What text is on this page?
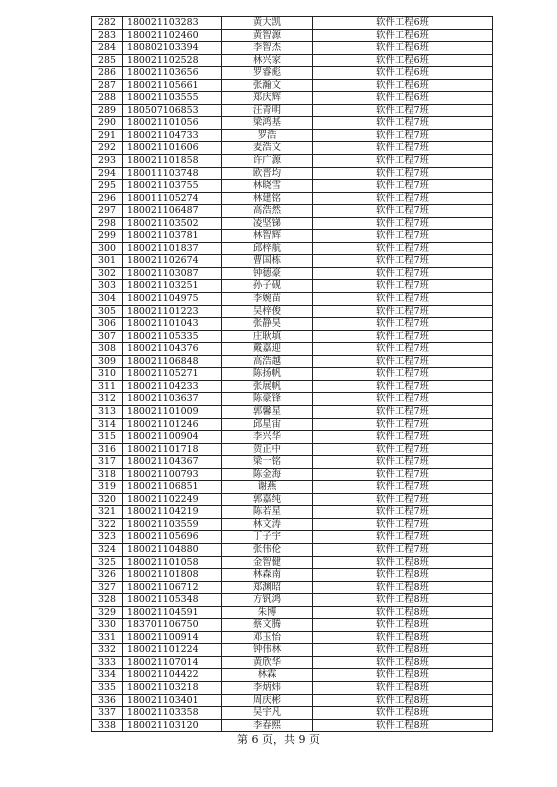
282	180021103283	黄大凯	软件工程6班
283	180021102460	黄智源	软件工程6班
284	180802103394	李智杰	软件工程6班
285	180021102528	林兴家	软件工程6班
286	180021103656	罗睿彪	软件工程6班
287	180021105661	张瀚文	软件工程6班
288	180021103555	郑庆辉	软件工程6班
289	180507106853	汪青明	软件工程7班
290	180021101056	梁鸿基	软件工程7班
291	180021104733	罗浩	软件工程7班
292	180021101606	麦浩文	软件工程7班
293	180021101858	许广源	软件工程7班
294	180011103748	欧晋均	软件工程7班
295	180021103755	林晓雪	软件工程7班
296	180011105274	林建铭	软件工程7班
297	180021106487	高浩然	软件工程7班
298	180021103502	凌坚锑	软件工程7班
299	180021103781	林智辉	软件工程7班
300	180021101837	邱梓航	软件工程7班
301	180021102674	曹国栋	软件工程7班
302	180021103087	钟德豪	软件工程7班
303	180021103251	孙子砚	软件工程7班
304	180021104975	李婉苗	软件工程7班
305	180021101223	吴梓俊	软件工程7班
306	180021101043	张静昊	软件工程7班
307	180021105335	庄耿填	软件工程7班
308	180021104376	戴嘉迎	软件工程7班
309	180021106848	高浩越	软件工程7班
310	180021105271	陈扬帆	软件工程7班
311	180021104233	张展帆	软件工程7班
312	180021103637	陈豪锋	软件工程7班
313	180021101009	郭馨星	软件工程7班
314	180021101246	邱星宙	软件工程7班
315	180021100904	李兴华	软件工程7班
316	180021101718	贺正中	软件工程7班
317	180021104367	梁一铭	软件工程7班
318	180021100793	陈金海	软件工程7班
319	180021106851	谢燕	软件工程7班
320	180021102249	郭嘉纯	软件工程7班
321	180021104219	陈若星	软件工程7班
322	180021103559	林文涛	软件工程7班
323	180021105696	丁子宇	软件工程7班
324	180021104880	张伟伦	软件工程7班
325	180021101058	金智健	软件工程8班
326	180021101808	林森南	软件工程8班
327	180021106712	郑渊昭	软件工程8班
328	180021105348	方钒鸿	软件工程8班
329	180021104591	朱博	软件工程8班
330	183701106750	蔡文腾	软件工程8班
331	180021100914	邓玉怡	软件工程8班
332	180021101224	钟伟林	软件工程8班
333	180021107014	黄欣华	软件工程8班
334	180021104422	林霖	软件工程8班
335	180021103218	李炳炜	软件工程8班
336	180021103401	周庆彬	软件工程8班
337	180021103358	吴宇凡	软件工程8班
338	180021103120	李春熙	软件工程8班
第 6 页，共 9 页
